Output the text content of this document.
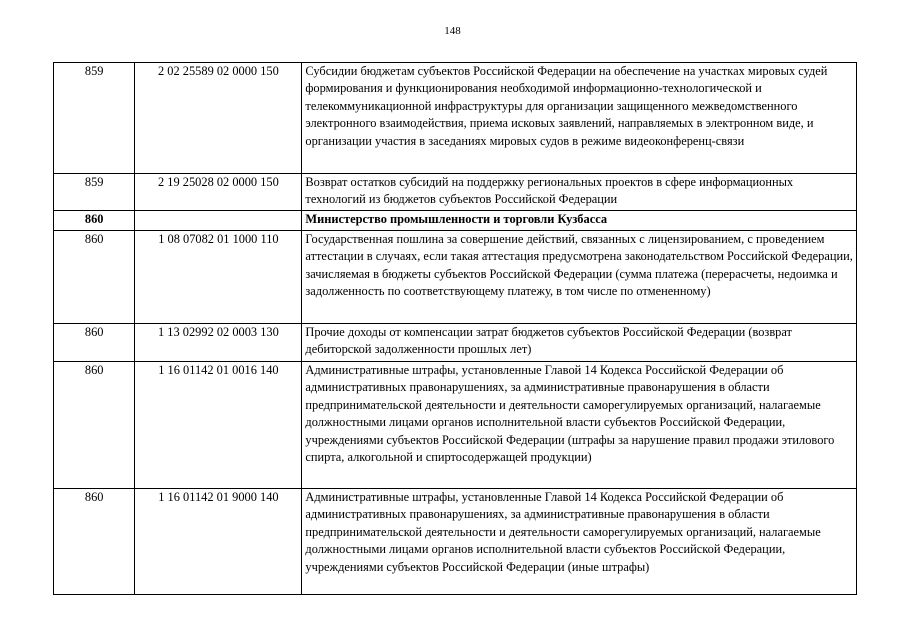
148
859	2 02 25589 02 0000 150	Субсидии бюджетам субъектов Российской Федерации на обеспечение на участках мировых судей формирования и функционирования необходимой информационно-технологической и телекоммуникационной инфраструктуры для организации защищенного межведомственного электронного взаимодействия, приема исковых заявлений, направляемых в электронном виде, и организации участия в заседаниях мировых судов в режиме видеоконференц-связи
859	2 19 25028 02 0000 150	Возврат остатков субсидий на поддержку региональных проектов в сфере информационных технологий из бюджетов субъектов Российской Федерации
860		Министерство промышленности и торговли Кузбасса
860	1 08 07082 01 1000 110	Государственная пошлина за совершение действий, связанных с лицензированием, с проведением аттестации в случаях, если такая аттестация предусмотрена законодательством Российской Федерации, зачисляемая в бюджеты субъектов Российской Федерации (сумма платежа (перерасчеты, недоимка и задолженность по соответствующему платежу, в том числе по отмененному)
860	1 13 02992 02 0003 130	Прочие доходы от компенсации затрат бюджетов субъектов Российской Федерации (возврат дебиторской задолженности прошлых лет)
860	1 16 01142 01 0016 140	Административные штрафы, установленные Главой 14 Кодекса Российской Федерации об административных правонарушениях, за административные правонарушения в области предпринимательской деятельности и деятельности саморегулируемых организаций, налагаемые должностными лицами органов исполнительной власти субъектов Российской Федерации, учреждениями субъектов Российской Федерации (штрафы за нарушение правил продажи этилового спирта, алкогольной и спиртосодержащей продукции)
860	1 16 01142 01 9000 140	Административные штрафы, установленные Главой 14 Кодекса Российской Федерации об административных правонарушениях, за административные правонарушения в области предпринимательской деятельности и деятельности саморегулируемых организаций, налагаемые должностными лицами органов исполнительной власти субъектов Российской Федерации, учреждениями субъектов Российской Федерации (иные штрафы)
